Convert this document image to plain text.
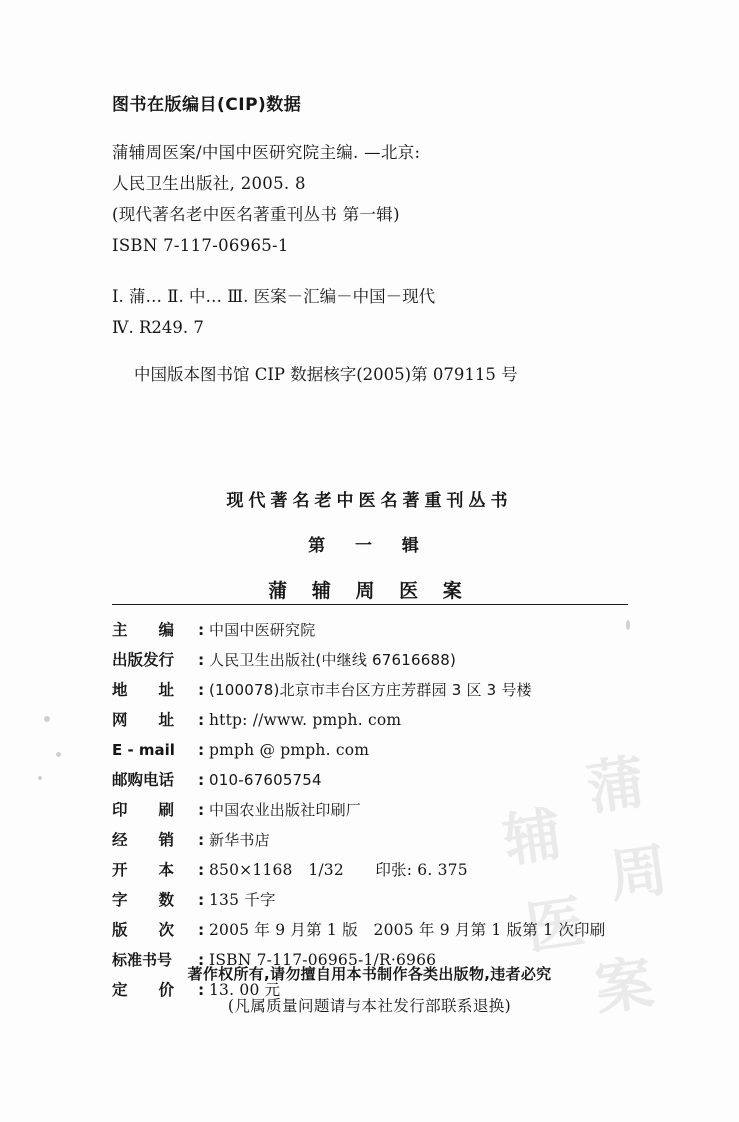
蒲
辅 周
医
案
图书在版编目(CIP)数据
蒲辅周医案/中国中医研究院主编. —北京:
人民卫生出版社, 2005. 8
(现代著名老中医名著重刊丛书 第一辑)
ISBN 7-117-06965-1
Ⅰ. 蒲… Ⅱ. 中… Ⅲ. 医案－汇编－中国－现代
Ⅳ. R249. 7
中国版本图书馆 CIP 数据核字(2005)第 079115 号
现代著名老中医名著重刊丛书
第 一 辑
蒲 辅 周 医 案
主　　编	: 中国中医研究院
出版发行	: 人民卫生出版社(中继线 67616688)
地　　址	: (100078)北京市丰台区方庄芳群园 3 区 3 号楼
网　　址	: http: //www. pmph. com
E - mail	: pmph @ pmph. com
邮购电话	: 010-67605754
印　　刷	: 中国农业出版社印刷厂
经　　销	: 新华书店
开　　本	: 850×1168　1/32　　印张: 6. 375
字　　数	: 135 千字
版　　次	: 2005 年 9 月第 1 版　2005 年 9 月第 1 版第 1 次印刷
标准书号	: ISBN 7-117-06965-1/R·6966
定　　价	: 13. 00 元
著作权所有,请勿擅自用本书制作各类出版物,违者必究
(凡属质量问题请与本社发行部联系退换)
